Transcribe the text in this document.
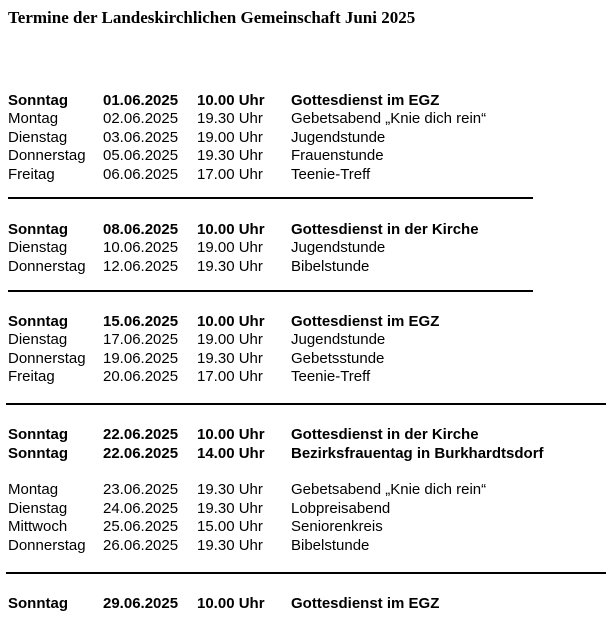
Termine der Landeskirchlichen Gemeinschaft Juni 2025
Sonntag 01.06.2025 10.00 Uhr Gottesdienst im EGZ
Montag	02.06.2025 19.30 Uhr Gebetsabend „Knie dich rein“
Dienstag 03.06.2025 19.00 Uhr Jugendstunde
Donnerstag 05.06.2025 19.30 Uhr Frauenstunde
Freitag	06.06.2025 17.00 Uhr Teenie-Treff
Sonntag 08.06.2025 10.00 Uhr Gottesdienst in der Kirche
Dienstag 10.06.2025 19.00 Uhr Jugendstunde
Donnerstag 12.06.2025 19.30 Uhr Bibelstunde
Sonntag 15.06.2025 10.00 Uhr Gottesdienst im EGZ
Dienstag 17.06.2025 19.00 Uhr Jugendstunde
Donnerstag 19.06.2025 19.30 Uhr Gebetsstunde
Freitag	20.06.2025 17.00 Uhr Teenie-Treff
Sonntag 22.06.2025 10.00 Uhr Gottesdienst in der Kirche
Sonntag 22.06.2025 14.00 Uhr Bezirksfrauentag in Burkhardtsdorf
Montag	23.06.2025 19.30 Uhr Gebetsabend „Knie dich rein“
Dienstag 24.06.2025 19.30 Uhr Lobpreisabend
Mittwoch 25.06.2025 15.00 Uhr Seniorenkreis
Donnerstag 26.06.2025 19.30 Uhr Bibelstunde
Sonntag 29.06.2025 10.00 Uhr Gottesdienst im EGZ
